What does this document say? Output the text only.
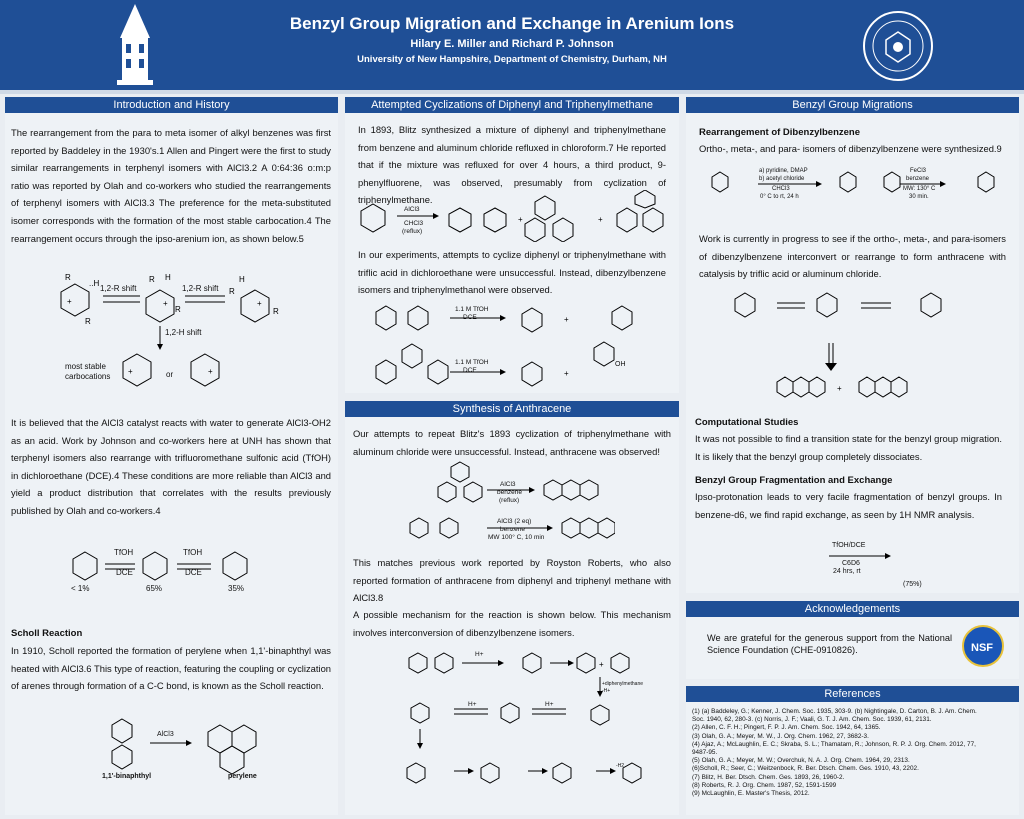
Benzyl Group Migration and Exchange in Arenium Ions
Hilary E. Miller and Richard P. Johnson
University of New Hampshire, Department of Chemistry, Durham, NH
Introduction and History
The rearrangement from the para to meta isomer of alkyl benzenes was first reported by Baddeley in the 1930's.1 Allen and Pingert were the first to study similar rearrangements in terphenyl isomers with AlCl3.2 A 0:64:36 o:m:p ratio was reported by Olah and co-workers who studied the rearrangements of terphenyl isomers with AlCl3.3 The preference for the meta-substituted isomer corresponds with the formation of the most stable carbocation.4 The rearrangement occurs through the ipso-arenium ion, as shown below.5
+
R
..H
R
+
R H
R
+
H
R
R
+	+
1,2-R shift	1,2-R shift
1,2-H shift
most stable
carbocations	or
It is believed that the AlCl3 catalyst reacts with water to generate AlCl3-OH2 as an acid. Work by Johnson and co-workers here at UNH has shown that terphenyl isomers also rearrange with trifluoromethane sulfonic acid (TfOH) in dichloroethane (DCE).4 These conditions are more reliable than AlCl3 and yield a product distribution that correlates with the results previously published by Olah and co-workers.4
TfOH
DCE
TfOH
DCE
< 1%	65%	35%
Scholl Reaction
In 1910, Scholl reported the formation of perylene when 1,1'-binaphthyl was heated with AlCl3.6 This type of reaction, featuring the coupling or cyclization of arenes through formation of a C-C bond, is known as the Scholl reaction.
AlCl3
1,1'-binaphthyl	perylene
Attempted Cyclizations of Diphenyl and Triphenylmethane
In 1893, Blitz synthesized a mixture of diphenyl and triphenylmethane from benzene and aluminum chloride refluxed in chloroform.7 He reported that if the mixture was refluxed for over 4 hours, a third product, 9-phenylfluorene, was observed, presumably from cyclization of triphenylmethane.
+	+
AlCl3
CHCl3
(reflux)
In our experiments, attempts to cyclize diphenyl or triphenylmethane with triflic acid in dichloroethane were unsuccessful. Instead, dibenzylbenzene isomers and triphenylmethanol were observed.
+
+
1.1 M TfOH
DCE
1.1 M TfOH
DCE
OH
Synthesis of Anthracene
Our attempts to repeat Blitz's 1893 cyclization of triphenylmethane with aluminum chloride were unsuccessful. Instead, anthracene was observed!
AlCl3
benzene
(reflux)
AlCl3 (2 eq)
benzene
MW 100° C, 10 min
This matches previous work reported by Royston Roberts, who also reported formation of anthracene from diphenyl and triphenyl methane with AlCl3.8
A possible mechanism for the reaction is shown below. This mechanism involves interconversion of dibenzylbenzene isomers.
+
H+
+diphenylmethane
-H+
H+	H+
-H2
Benzyl Group Migrations
Rearrangement of Dibenzylbenzene
Ortho-, meta-, and para- isomers of dibenzylbenzene were synthesized.9
a) pyridine, DMAP
b) acetyl chloride
CHCl3
0° C to rt, 24 h
FeCl3
benzene
MW: 130° C
30 min.
Work is currently in progress to see if the ortho-, meta-, and para-isomers of dibenzylbenzene interconvert or rearrange to form anthracene with catalysis by triflic acid or aluminum chloride.
+
Computational Studies
It was not possible to find a transition state for the benzyl group migration. It is likely that the benzyl group completely dissociates.
Benzyl Group Fragmentation and Exchange
Ipso-protonation leads to very facile fragmentation of benzyl groups. In benzene-d6, we find rapid exchange, as seen by 1H NMR analysis.
TfOH/DCE
C6D6
24 hrs, rt
(75%)
Acknowledgements
We are grateful for the generous support from the National Science Foundation (CHE-0910826).	NSF
References
(1) (a) Baddeley, G.; Kenner, J. Chem. Soc. 1935, 303-9. (b) Nightingale, D. Carton, B. J. Am. Chem.
Soc. 1940, 62, 280-3. (c) Norris, J. F.; Vaali, G. T. J. Am. Chem. Soc. 1939, 61, 2131.
(2) Allen, C. F. H.; Pingert, F. P. J. Am. Chem. Soc. 1942, 64, 1365.
(3) Olah, G. A.; Meyer, M. W., J. Org. Chem. 1962, 27, 3682-3.
(4) Ajaz, A.; McLaughlin, E. C.; Skraba, S. L.; Thamatam, R.; Johnson, R. P. J. Org. Chem. 2012, 77,
9487-95.
(5) Olah, G. A.; Meyer, M. W.; Overchuk, N. A. J. Org. Chem. 1964, 29, 2313.
(6)Scholl, R.; Seer, C.; Weitzenbock, R. Ber. Dtsch. Chem. Ges. 1910, 43, 2202.
(7) Blitz, H. Ber. Dtsch. Chem. Ges. 1893, 26, 1960-2.
(8) Roberts, R. J. Org. Chem. 1987, 52, 1591-1599
(9) McLaughlin, E. Master's Thesis, 2012.
